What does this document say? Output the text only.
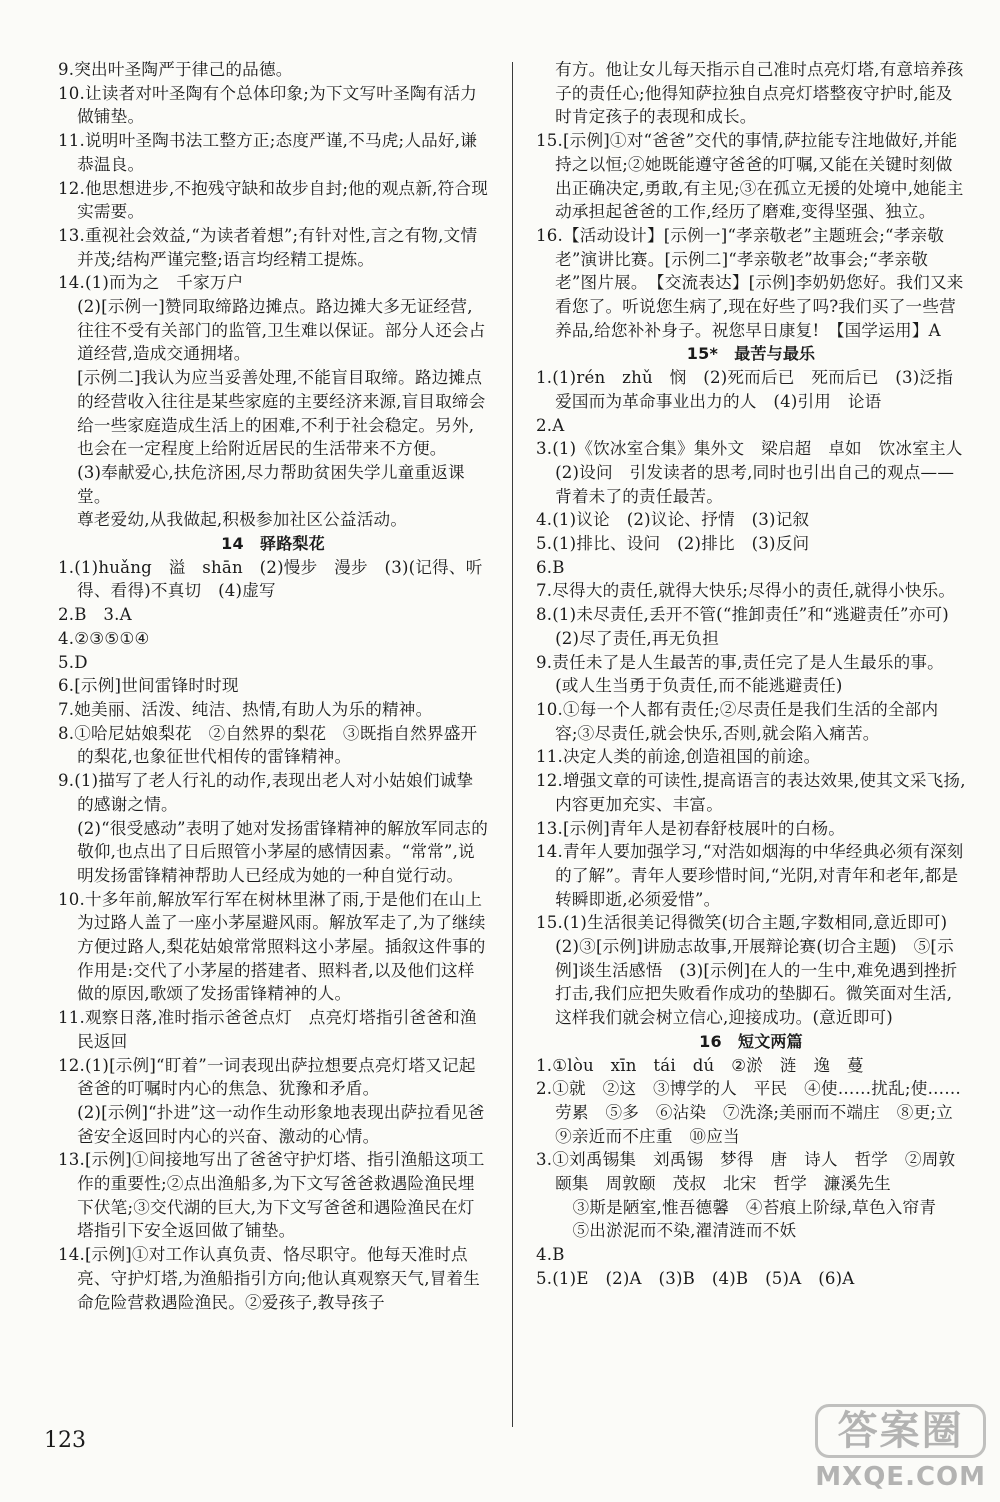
9.突出叶圣陶严于律己的品德。
10.让读者对叶圣陶有个总体印象;为下文写叶圣陶有活力做铺垫。
11.说明叶圣陶书法工整方正;态度严谨,不马虎;人品好,谦恭温良。
12.他思想进步,不抱残守缺和故步自封;他的观点新,符合现实需要。
13.重视社会效益,“为读者着想”;有针对性,言之有物,文情并茂;结构严谨完整;语言均经精工提炼。
14.(1)而为之　千家万户
(2)[示例一]赞同取缔路边摊点。路边摊大多无证经营,往往不受有关部门的监管,卫生难以保证。部分人还会占道经营,造成交通拥堵。
[示例二]我认为应当妥善处理,不能盲目取缔。路边摊点的经营收入往往是某些家庭的主要经济来源,盲目取缔会给一些家庭造成生活上的困难,不利于社会稳定。另外,也会在一定程度上给附近居民的生活带来不方便。
(3)奉献爱心,扶危济困,尽力帮助贫困失学儿童重返课堂。
尊老爱幼,从我做起,积极参加社区公益活动。
14　驿路梨花
1.(1)huǎng　溢　shān　(2)慢步　漫步　(3)(记得、听得、看得)不真切　(4)虚写
2.B　3.A
4.②③⑤①④
5.D
6.[示例]世间雷锋时时现
7.她美丽、活泼、纯洁、热情,有助人为乐的精神。
8.①哈尼姑娘梨花　②自然界的梨花　③既指自然界盛开的梨花,也象征世代相传的雷锋精神。
9.(1)描写了老人行礼的动作,表现出老人对小姑娘们诚挚的感谢之情。
(2)“很受感动”表明了她对发扬雷锋精神的解放军同志的敬仰,也点出了日后照管小茅屋的感情因素。“常常”,说明发扬雷锋精神帮助人已经成为她的一种自觉行动。
10.十多年前,解放军行军在树林里淋了雨,于是他们在山上为过路人盖了一座小茅屋避风雨。解放军走了,为了继续方便过路人,梨花姑娘常常照料这小茅屋。插叙这件事的作用是:交代了小茅屋的搭建者、照料者,以及他们这样做的原因,歌颂了发扬雷锋精神的人。
11.观察日落,准时指示爸爸点灯　点亮灯塔指引爸爸和渔民返回
12.(1)[示例]“盯着”一词表现出萨拉想要点亮灯塔又记起爸爸的叮嘱时内心的焦急、犹豫和矛盾。
(2)[示例]“扑进”这一动作生动形象地表现出萨拉看见爸爸安全返回时内心的兴奋、激动的心情。
13.[示例]①间接地写出了爸爸守护灯塔、指引渔船这项工作的重要性;②点出渔船多,为下文写爸爸救遇险渔民埋下伏笔;③交代湖的巨大,为下文写爸爸和遇险渔民在灯塔指引下安全返回做了铺垫。
14.[示例]①对工作认真负责、恪尽职守。他每天准时点亮、守护灯塔,为渔船指引方向;他认真观察天气,冒着生命危险营救遇险渔民。②爱孩子,教导孩子
有方。他让女儿每天指示自己准时点亮灯塔,有意培养孩子的责任心;他得知萨拉独自点亮灯塔整夜守护时,能及时肯定孩子的表现和成长。
15.[示例]①对“爸爸”交代的事情,萨拉能专注地做好,并能持之以恒;②她既能遵守爸爸的叮嘱,又能在关键时刻做出正确决定,勇敢,有主见;③在孤立无援的处境中,她能主动承担起爸爸的工作,经历了磨难,变得坚强、独立。
16.【活动设计】[示例一]“孝亲敬老”主题班会;“孝亲敬老”演讲比赛。[示例二]“孝亲敬老”故事会;“孝亲敬老”图片展。　【交流表达】[示例]李奶奶您好。我们又来看您了。听说您生病了,现在好些了吗?我们买了一些营养品,给您补补身子。祝您早日康复!　【国学运用】A
15*　最苦与最乐
1.(1)rén　zhǔ　悯　(2)死而后已　死而后已　(3)泛指爱国而为革命事业出力的人　(4)引用　论语
2.A
3.(1)《饮冰室合集》集外文　梁启超　卓如　饮冰室主人　(2)设问　引发读者的思考,同时也引出自己的观点——背着未了的责任最苦。
4.(1)议论　(2)议论、抒情　(3)记叙
5.(1)排比、设问　(2)排比　(3)反问
6.B
7.尽得大的责任,就得大快乐;尽得小的责任,就得小快乐。
8.(1)未尽责任,丢开不管(“推卸责任”和“逃避责任”亦可)　(2)尽了责任,再无负担
9.责任未了是人生最苦的事,责任完了是人生最乐的事。(或人生当勇于负责任,而不能逃避责任)
10.①每一个人都有责任;②尽责任是我们生活的全部内容;③尽责任,就会快乐,否则,就会陷入痛苦。
11.决定人类的前途,创造祖国的前途。
12.增强文章的可读性,提高语言的表达效果,使其文采飞扬,内容更加充实、丰富。
13.[示例]青年人是初春舒枝展叶的白杨。
14.青年人要加强学习,“对浩如烟海的中华经典必须有深刻的了解”。青年人要珍惜时间,“光阴,对青年和老年,都是转瞬即逝,必须爱惜”。
15.(1)生活很美记得微笑(切合主题,字数相同,意近即可)　(2)③[示例]讲励志故事,开展辩论赛(切合主题)　⑤[示例]谈生活感悟　(3)[示例]在人的一生中,难免遇到挫折打击,我们应把失败看作成功的垫脚石。微笑面对生活,这样我们就会树立信心,迎接成功。(意近即可)
16　短文两篇
1.①lòu　xīn　tái　dú　②淤　涟　逸　蔓
2.①就　②这　③博学的人　平民　④使……扰乱;使……劳累　⑤多　⑥沾染　⑦洗涤;美丽而不端庄　⑧更;立　⑨亲近而不庄重　⑩应当
3.①刘禹锡集　刘禹锡　梦得　唐　诗人　哲学　②周敦颐集　周敦颐　茂叔　北宋　哲学　濂溪先生
③斯是陋室,惟吾德馨　④苔痕上阶绿,草色入帘青　⑤出淤泥而不染,濯清涟而不妖
4.B
5.(1)E　(2)A　(3)B　(4)B　(5)A　(6)A
123	答案圈
MXQE.COM
